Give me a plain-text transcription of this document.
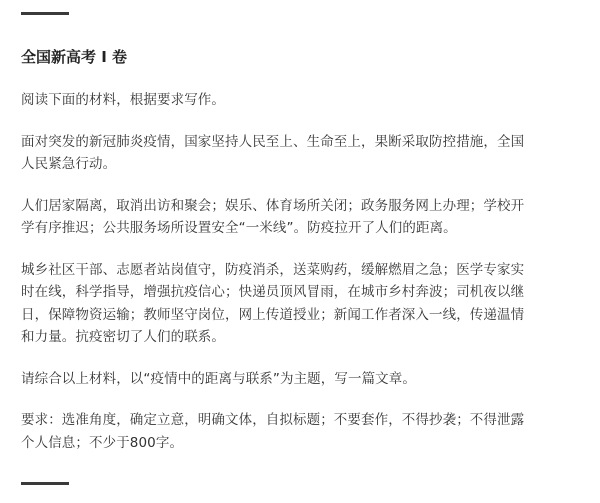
全国新高考 I 卷
阅读下面的材料，根据要求写作。
面对突发的新冠肺炎疫情，国家坚持人民至上、生命至上，果断采取防控措施，全国
人民紧急行动。
人们居家隔离，取消出访和聚会；娱乐、体育场所关闭；政务服务网上办理；学校开
学有序推迟；公共服务场所设置安全“一米线”。防疫拉开了人们的距离。
城乡社区干部、志愿者站岗值守，防疫消杀，送菜购药，缓解燃眉之急；医学专家实
时在线，科学指导，增强抗疫信心；快递员顶风冒雨，在城市乡村奔波；司机夜以继
日，保障物资运输；教师坚守岗位，网上传道授业；新闻工作者深入一线，传递温情
和力量。抗疫密切了人们的联系。
请综合以上材料，以“疫情中的距离与联系”为主题，写一篇文章。
要求：选准角度，确定立意，明确文体，自拟标题；不要套作，不得抄袭；不得泄露
个人信息；不少于800字。
